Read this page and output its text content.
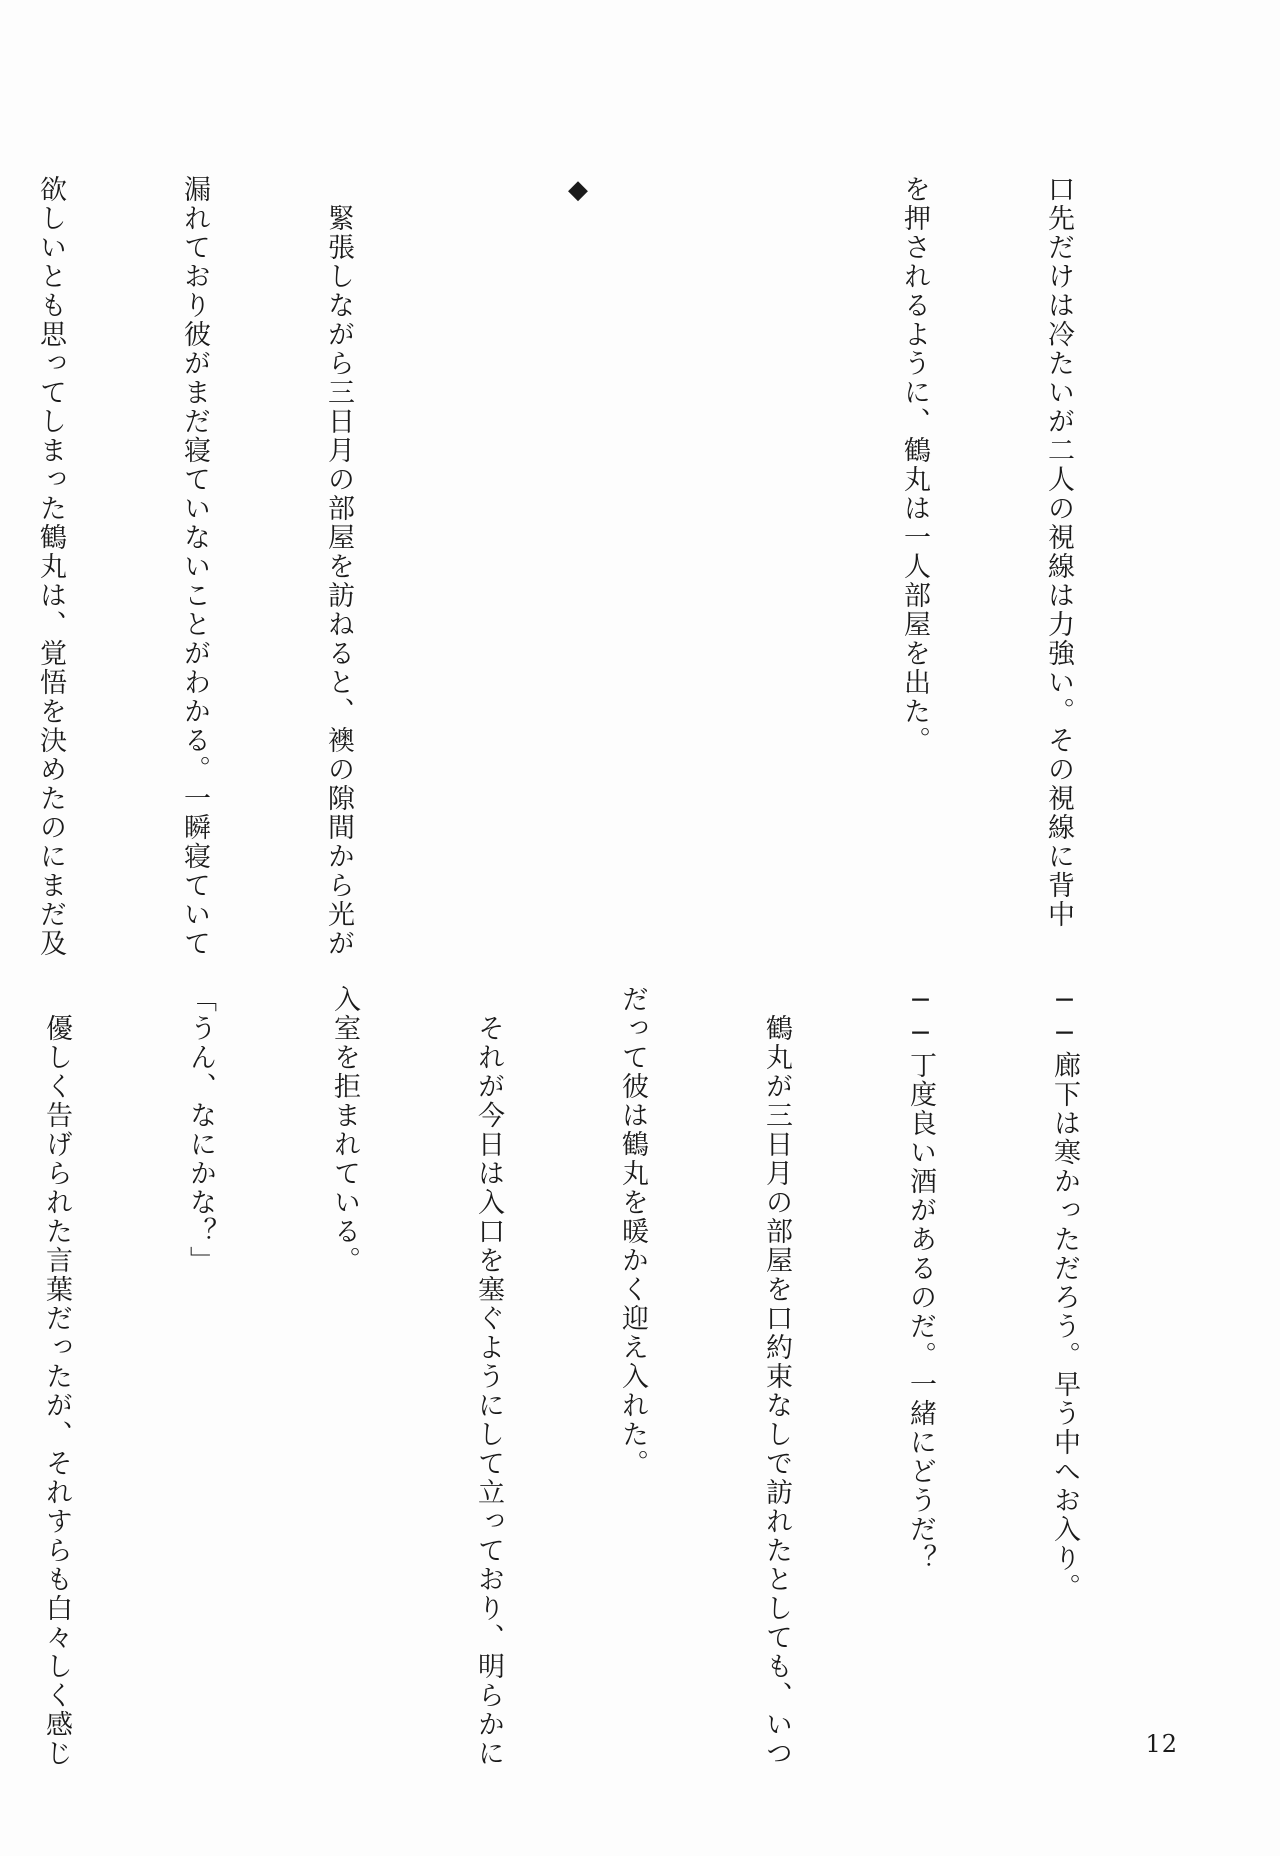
口先だけは冷たいが二人の視線は力強い。その視線に背中

を押されるように、鶴丸は一人部屋を出た。

◆

　緊張しながら三日月の部屋を訪ねると、襖の隙間から光が

漏れており彼がまだ寝ていないことがわかる。一瞬寝ていて

欲しいとも思ってしまった鶴丸は、覚悟を決めたのにまだ及

──廊下は寒かっただろう。早う中へお入り。

──丁度良い酒があるのだ。一緒にどうだ？

　鶴丸が三日月の部屋を口約束なしで訪れたとしても、いつ

だって彼は鶴丸を暖かく迎え入れた。

　それが今日は入口を塞ぐようにして立っており、明らかに

入室を拒まれている。

「うん、なにかな？」

　優しく告げられた言葉だったが、それすらも白々しく感じ

	12
